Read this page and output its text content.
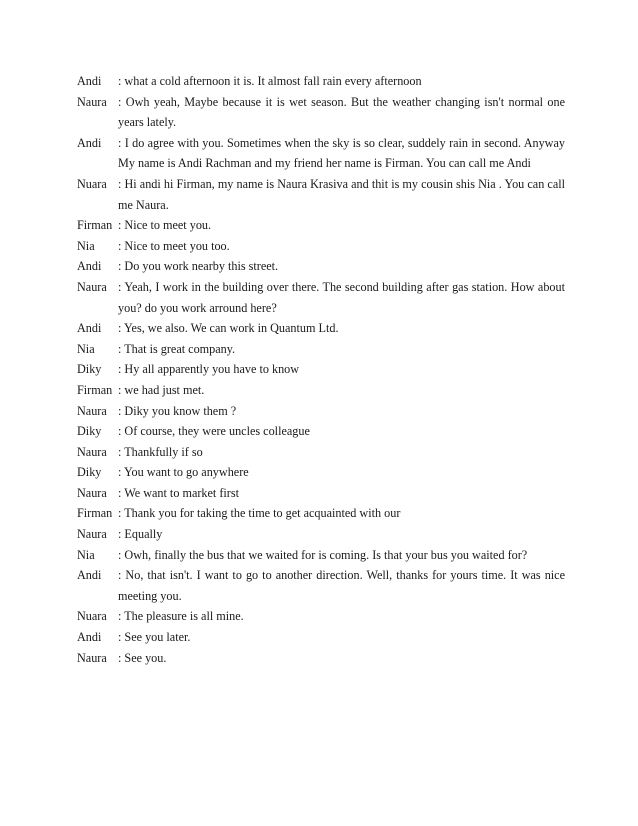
Andi	: what a cold afternoon it is. It almost fall rain every afternoon
Naura : Owh yeah, Maybe because it is wet season. But the weather changing isn't normal one years lately.
Andi	: I do agree with you. Sometimes when the sky is so clear, suddely rain in second. Anyway My name is Andi Rachman and my friend her name is Firman. You can call me Andi
Nuara : Hi andi hi Firman, my name is Naura Krasiva and thit is my cousin shis Nia . You can call me Naura.
Firman : Nice to meet you.
Nia	: Nice to meet you too.
Andi	: Do you work nearby this street.
Naura : Yeah, I work in the building over there. The second building after gas station. How about you? do you work arround here?
Andi	: Yes, we also. We can work in Quantum Ltd.
Nia	: That is great company.
Diky	: Hy all apparently you have to know
Firman : we had just met.
Naura : Diky you know them ?
Diky	: Of course, they were uncles colleague
Naura : Thankfully if so
Diky	: You want to go anywhere
Naura : We want to market first
Firman : Thank you for taking the time to get acquainted with our
Naura : Equally
Nia	: Owh, finally the bus that we waited for is coming. Is that your bus you waited for?
Andi	: No, that isn't. I want to go to another direction. Well, thanks for yours time. It was nice meeting you.
Nuara : The pleasure is all mine.
Andi	: See you later.
Naura : See you.
